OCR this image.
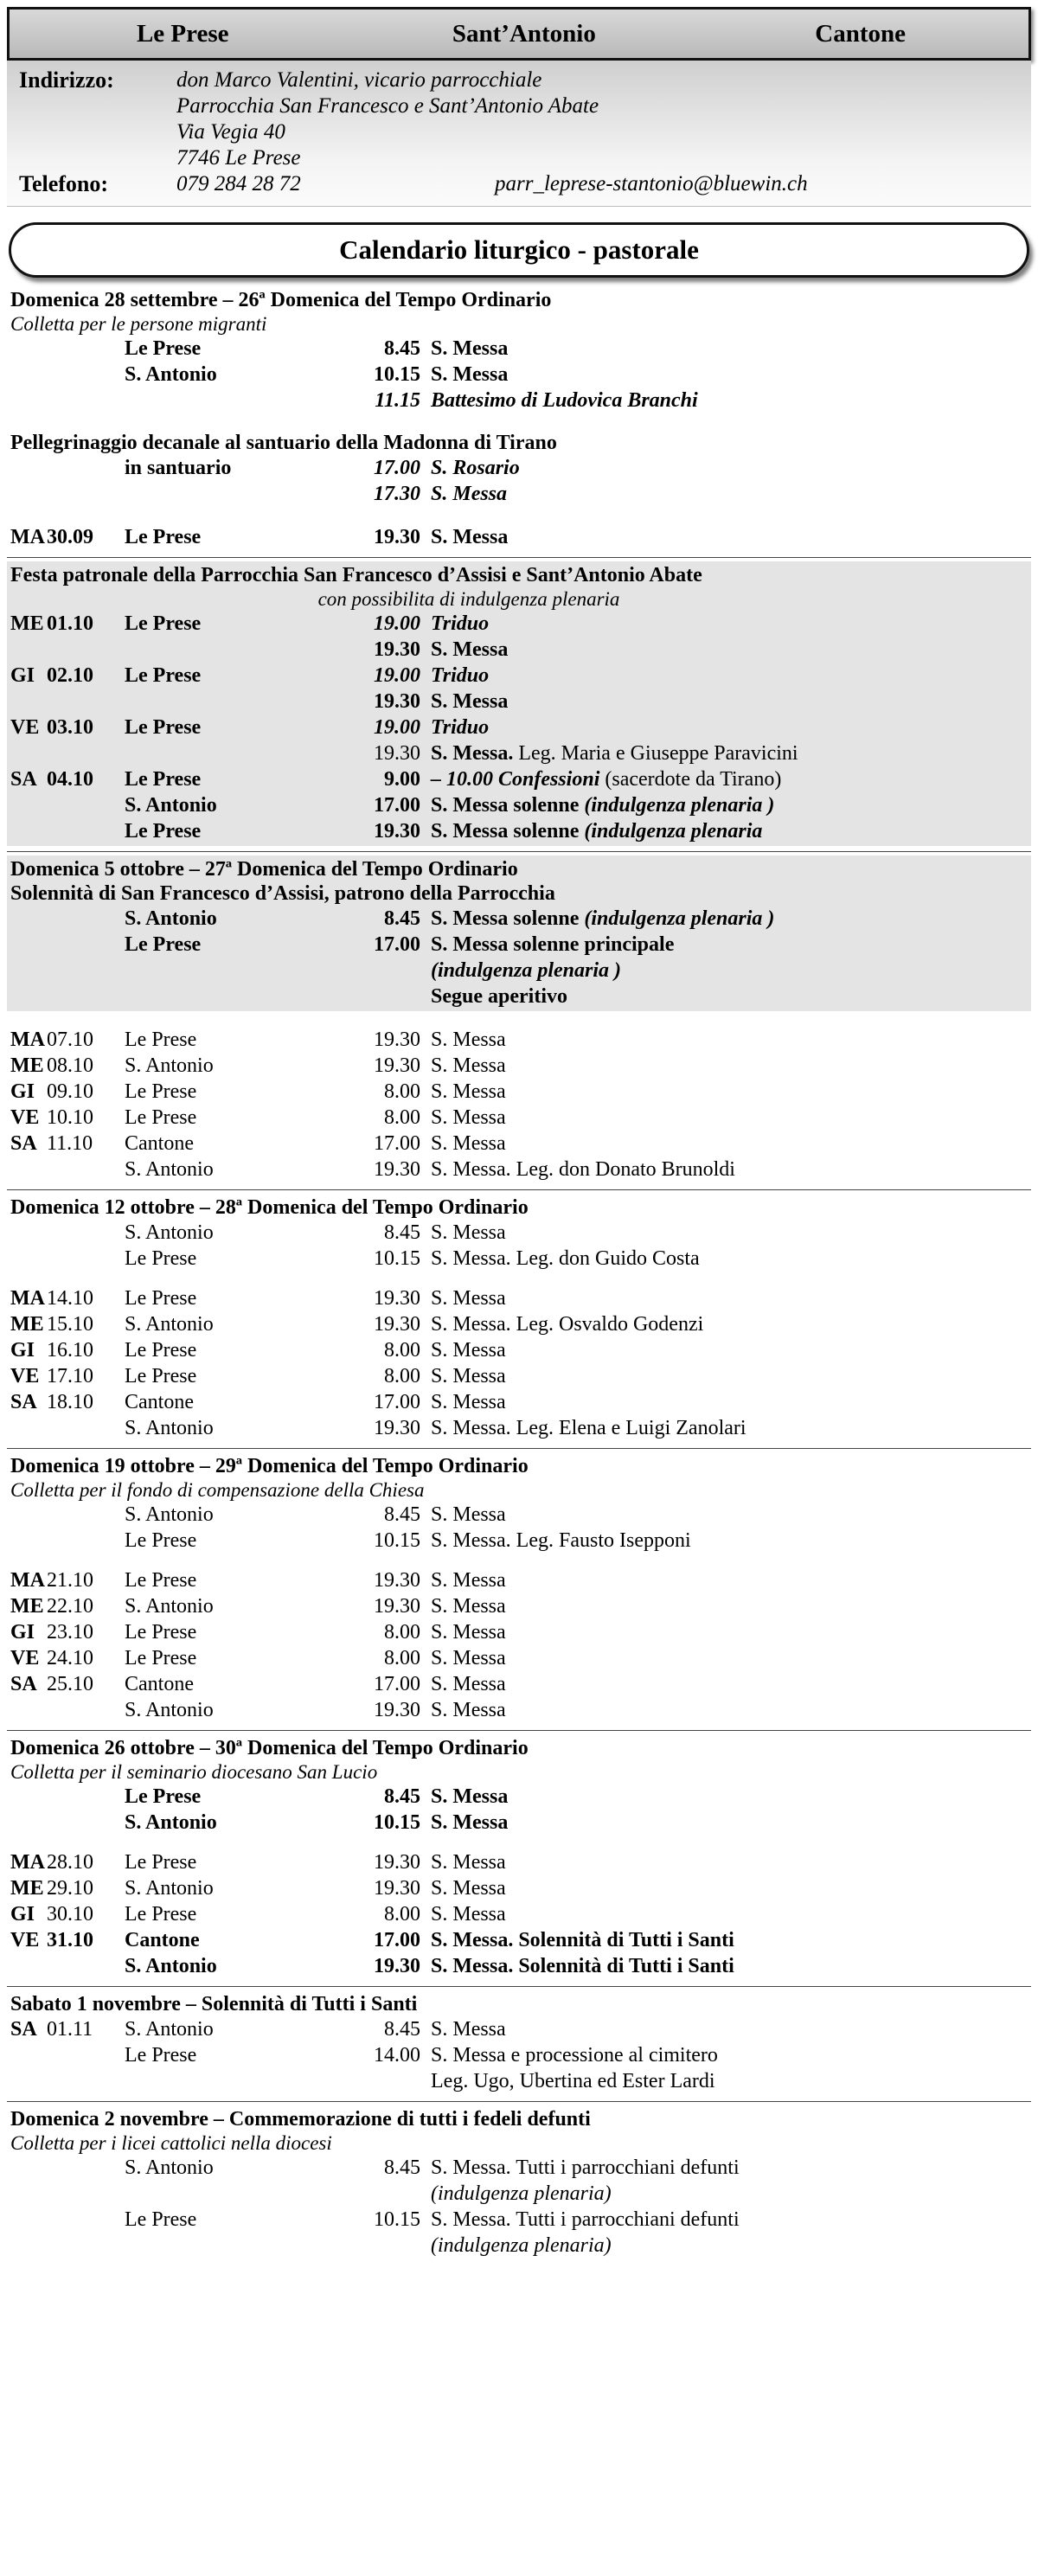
Le Prese	Sant’Antonio	Cantone
Indirizzo:	don Marco Valentini, vicario parrocchiale
Parrocchia San Francesco e Sant’Antonio Abate
Via Vegia 40
7746 Le Prese
Telefono:	079 284 28 72	parr_leprese-stantonio@bluewin.ch
Calendario liturgico - pastorale
Domenica 28 settembre – 26ª Domenica del Tempo Ordinario
Colletta per le persone migranti
Le Prese	8.45 S. Messa
S. Antonio	10.15 S. Messa
11.15 Battesimo di Ludovica Branchi
Pellegrinaggio decanale al santuario della Madonna di Tirano
in santuario	17.00 S. Rosario
17.30 S. Messa
MA 30.09	Le Prese	19.30 S. Messa
Festa patronale della Parrocchia San Francesco d’Assisi e Sant’Antonio Abate
con possibilita di indulgenza plenaria
ME 01.10	Le Prese	19.00 Triduo
19.30 S. Messa
GI 02.10	Le Prese	19.00 Triduo
19.30 S. Messa
VE 03.10	Le Prese	19.00 Triduo
19.30 S. Messa. Leg. Maria e Giuseppe Paravicini
SA 04.10	Le Prese	9.00 – 10.00 Confessioni (sacerdote da Tirano)
S. Antonio	17.00 S. Messa solenne (indulgenza plenaria )
Le Prese	19.30 S. Messa solenne (indulgenza plenaria
Domenica 5 ottobre – 27ª Domenica del Tempo Ordinario
Solennità di San Francesco d’Assisi, patrono della Parrocchia
S. Antonio	8.45 S. Messa solenne (indulgenza plenaria )
Le Prese	17.00 S. Messa solenne principale
(indulgenza plenaria )
Segue aperitivo
MA 07.10	Le Prese	19.30 S. Messa
ME 08.10	S. Antonio	19.30 S. Messa
GI 09.10	Le Prese	8.00 S. Messa
VE 10.10	Le Prese	8.00 S. Messa
SA 11.10	Cantone	17.00 S. Messa
S. Antonio	19.30 S. Messa. Leg. don Donato Brunoldi
Domenica 12 ottobre – 28ª Domenica del Tempo Ordinario
S. Antonio	8.45 S. Messa
Le Prese	10.15 S. Messa. Leg. don Guido Costa
MA 14.10	Le Prese	19.30 S. Messa
ME 15.10	S. Antonio	19.30 S. Messa. Leg. Osvaldo Godenzi
GI 16.10	Le Prese	8.00 S. Messa
VE 17.10	Le Prese	8.00 S. Messa
SA 18.10	Cantone	17.00 S. Messa
S. Antonio	19.30 S. Messa. Leg. Elena e Luigi Zanolari
Domenica 19 ottobre – 29ª Domenica del Tempo Ordinario
Colletta per il fondo di compensazione della Chiesa
S. Antonio	8.45 S. Messa
Le Prese	10.15 S. Messa. Leg. Fausto Isepponi
MA 21.10	Le Prese	19.30 S. Messa
ME 22.10	S. Antonio	19.30 S. Messa
GI 23.10	Le Prese	8.00 S. Messa
VE 24.10	Le Prese	8.00 S. Messa
SA 25.10	Cantone	17.00 S. Messa
S. Antonio	19.30 S. Messa
Domenica 26 ottobre – 30ª Domenica del Tempo Ordinario
Colletta per il seminario diocesano San Lucio
Le Prese	8.45 S. Messa
S. Antonio	10.15 S. Messa
MA 28.10	Le Prese	19.30 S. Messa
ME 29.10	S. Antonio	19.30 S. Messa
GI 30.10	Le Prese	8.00 S. Messa
VE 31.10	Cantone	17.00 S. Messa. Solennità di Tutti i Santi
S. Antonio	19.30 S. Messa. Solennità di Tutti i Santi
Sabato 1 novembre – Solennità di Tutti i Santi
SA 01.11	S. Antonio	8.45 S. Messa
Le Prese	14.00 S. Messa e processione al cimitero
Leg. Ugo, Ubertina ed Ester Lardi
Domenica 2 novembre – Commemorazione di tutti i fedeli defunti
Colletta per i licei cattolici nella diocesi
S. Antonio	8.45 S. Messa. Tutti i parrocchiani defunti
(indulgenza plenaria)
Le Prese	10.15 S. Messa. Tutti i parrocchiani defunti
(indulgenza plenaria)
